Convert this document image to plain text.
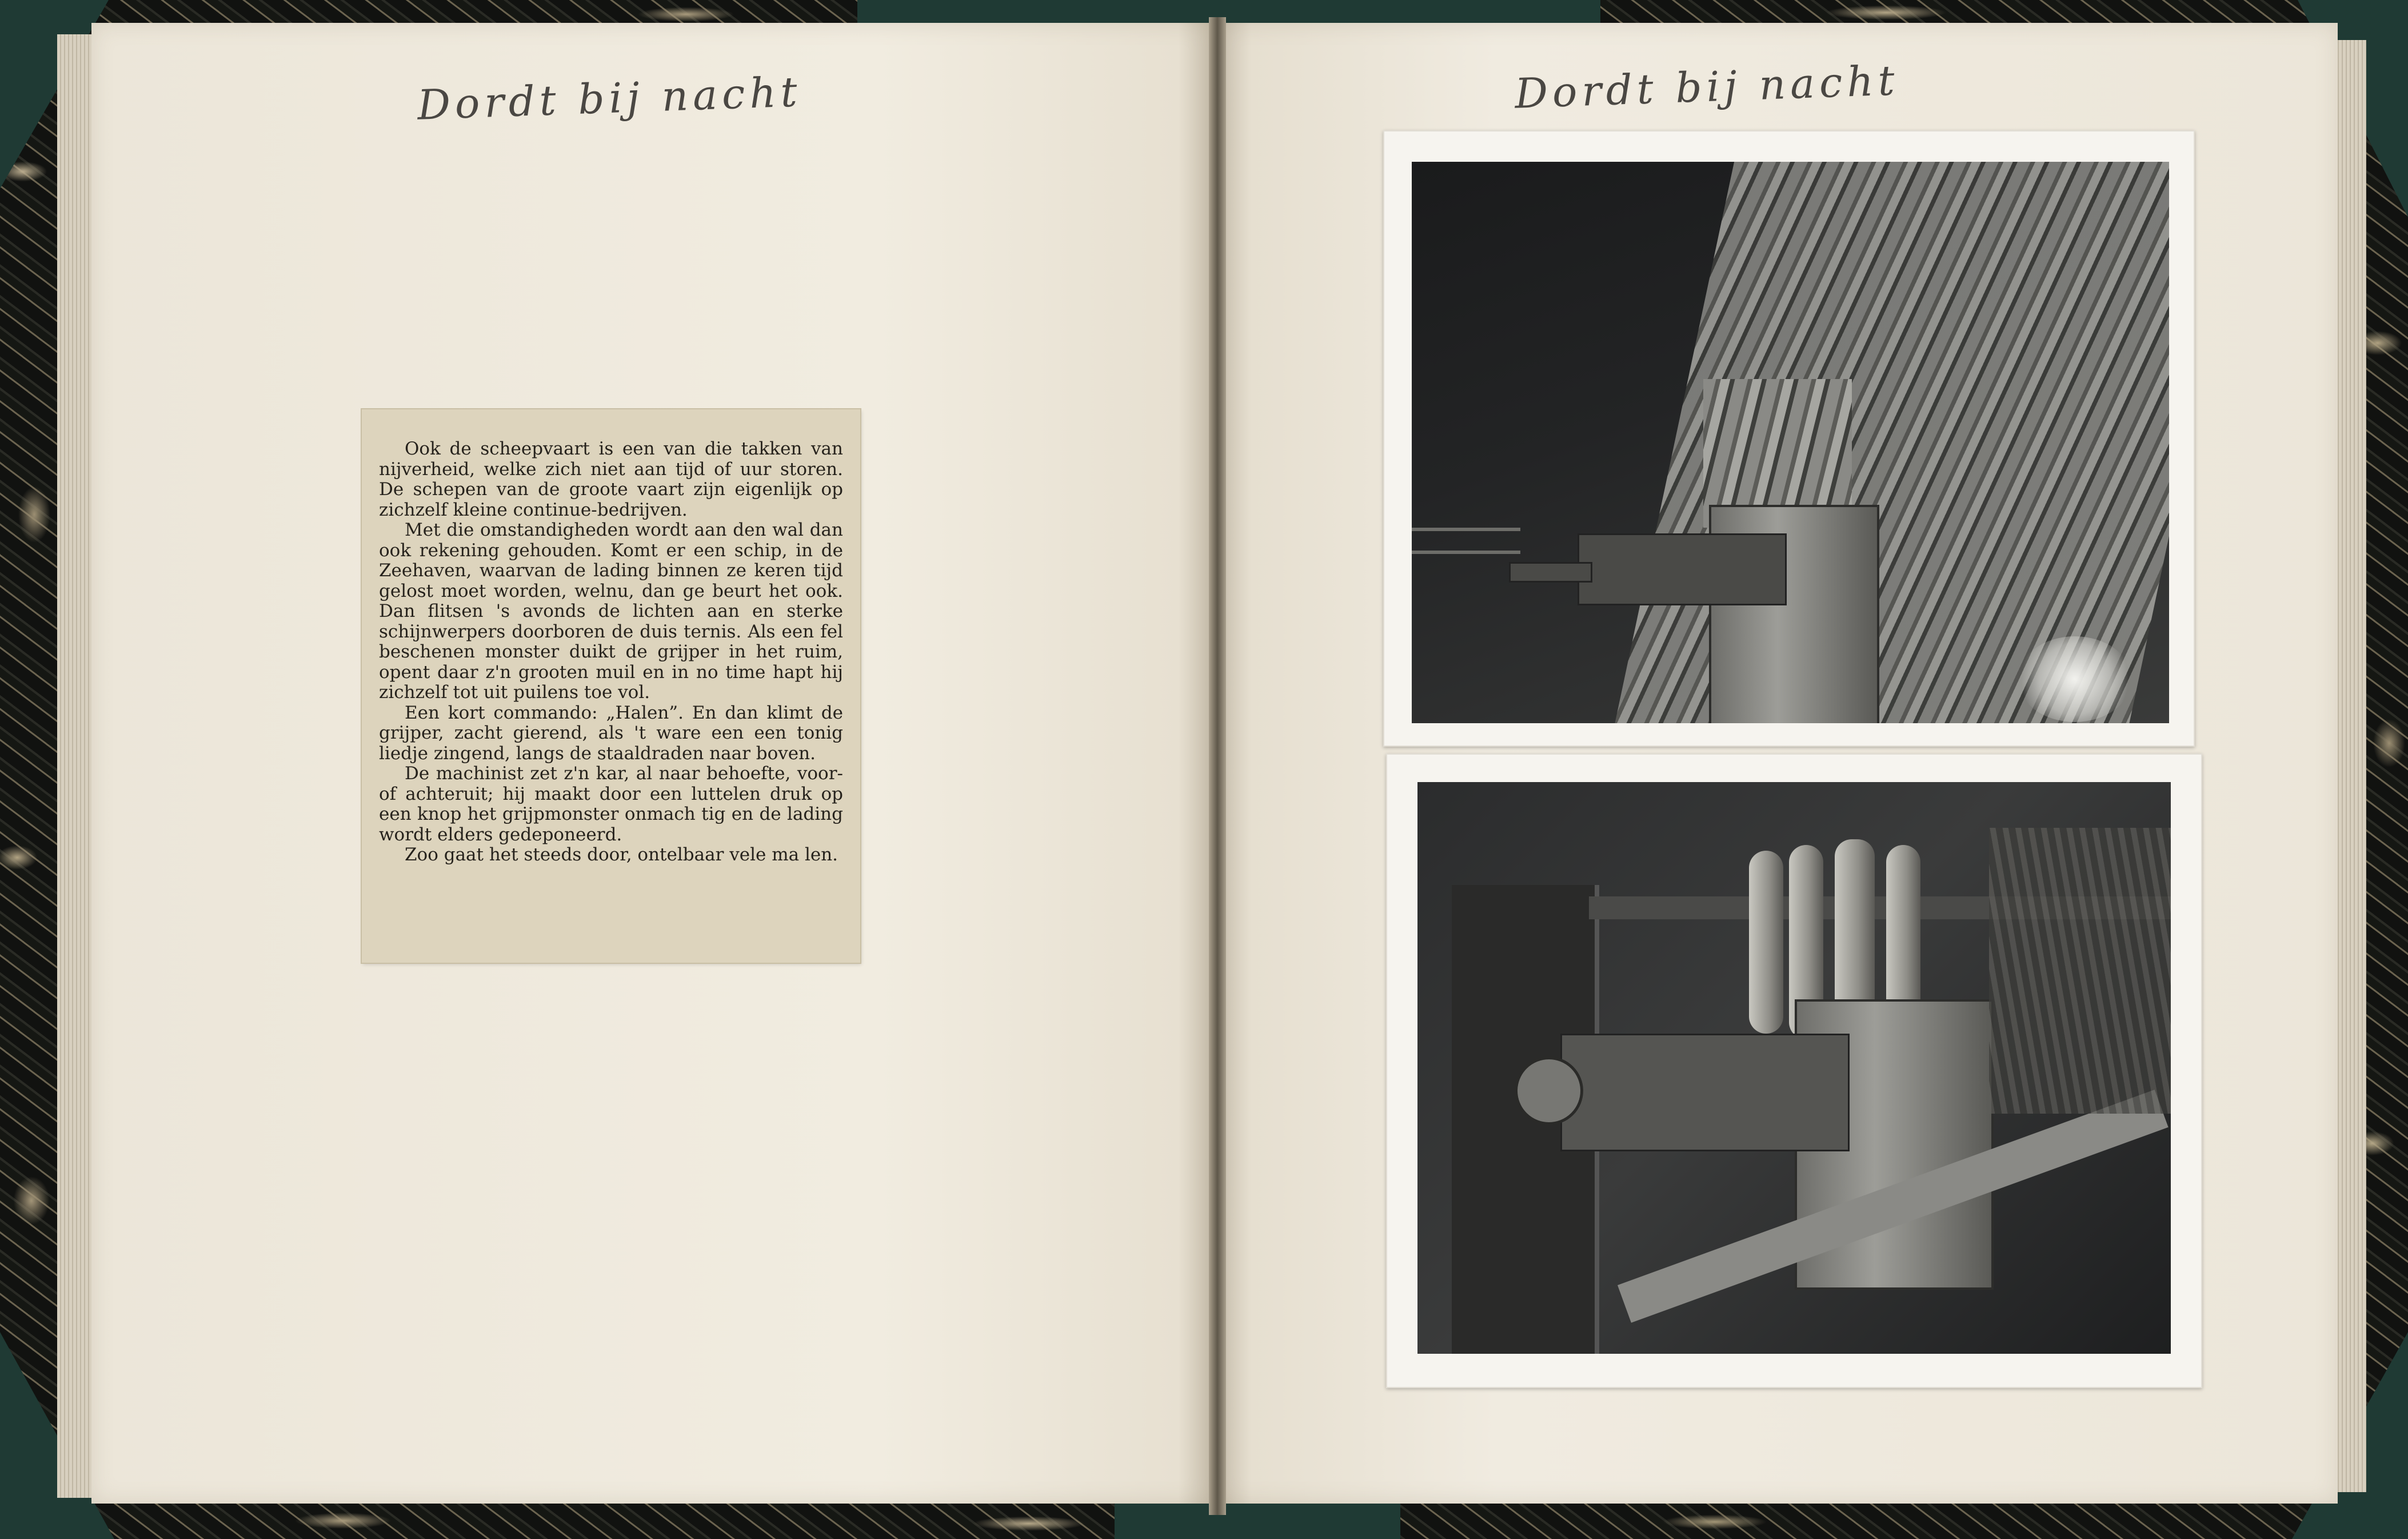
Dordt bij nacht

Ook de scheepvaart is een van die takken van nijverheid, welke zich niet aan tijd of uur storen. De schepen van de groote vaart zijn eigenlijk op zichzelf kleine continue-bedrijven.

Met die omstandigheden wordt aan den wal dan ook rekening gehouden. Komt er een schip, in de Zeehaven, waarvan de lading binnen ze keren tijd gelost moet worden, welnu, dan ge beurt het ook. Dan flitsen 's avonds de lichten aan en sterke schijnwerpers doorboren de duis ternis. Als een fel beschenen monster duikt de grijper in het ruim, opent daar z'n grooten muil en in no time hapt hij zichzelf tot uit puilens toe vol.

Een kort commando: „Halen”. En dan klimt de grijper, zacht gierend, als 't ware een een tonig liedje zingend, langs de staaldraden naar boven.

De machinist zet z'n kar, al naar behoefte, voor- of achteruit; hij maakt door een luttelen druk op een knop het grijpmonster onmach tig en de lading wordt elders gedeponeerd.

Zoo gaat het steeds door, ontelbaar vele ma len.

Dordt bij nacht
